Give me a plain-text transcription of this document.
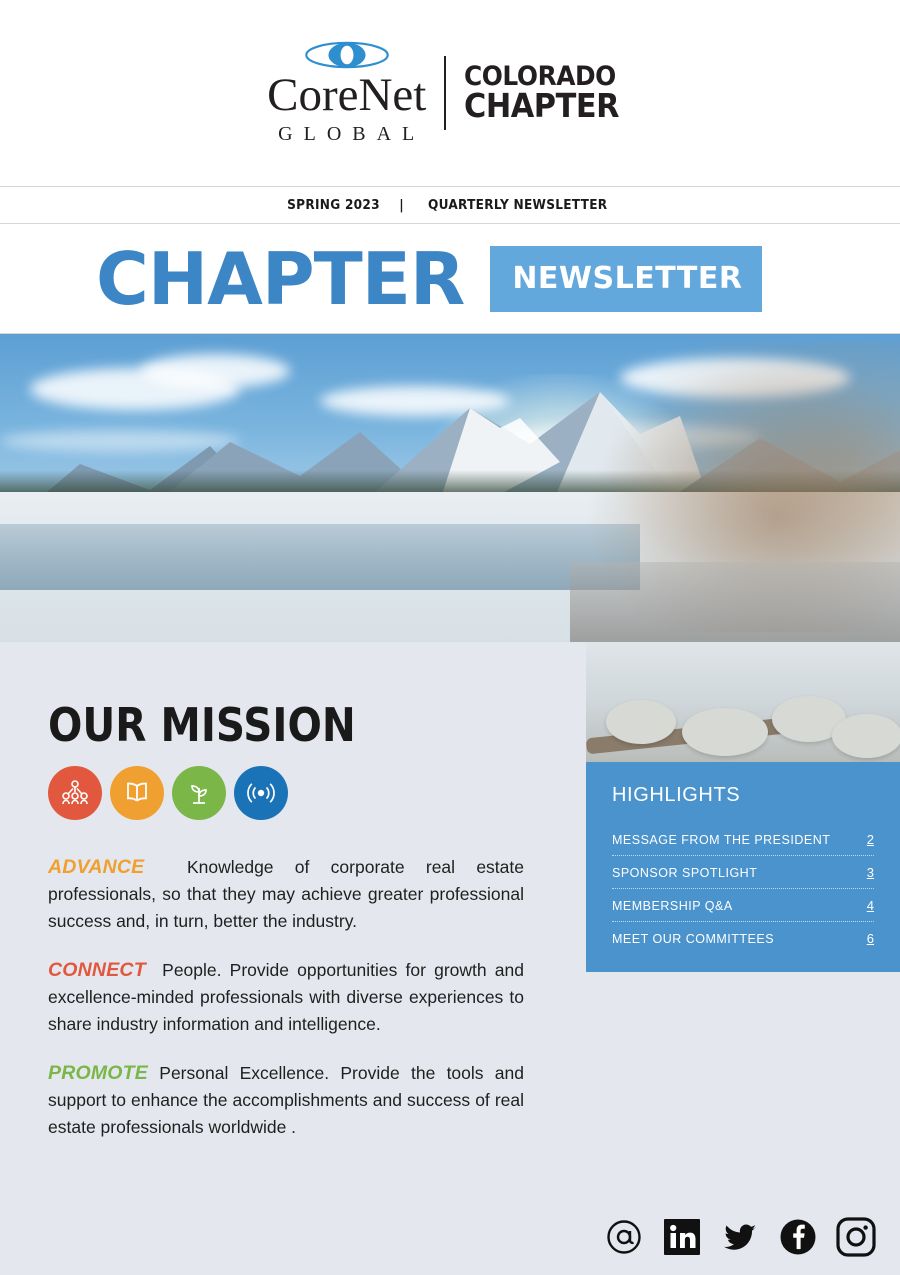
CoreNet
GLOBAL
COLORADO
CHAPTER
SPRING 2023	|	QUARTERLY NEWSLETTER
CHAPTER	NEWSLETTER
OUR MISSION

ADVANCE Knowledge of corporate real estate professionals, so that they may achieve greater professional success and, in turn, better the industry.

CONNECT People. Provide opportunities for growth and excellence-minded professionals with diverse experiences to share industry information and intelligence.

PROMOTE Personal Excellence. Provide the tools and support to enhance the accomplishments and success of real estate professionals worldwide .

HIGHLIGHTS
MESSAGE FROM THE PRESIDENT	2
SPONSOR SPOTLIGHT	3
MEMBERSHIP Q&A	4
MEET OUR COMMITTEES	6
